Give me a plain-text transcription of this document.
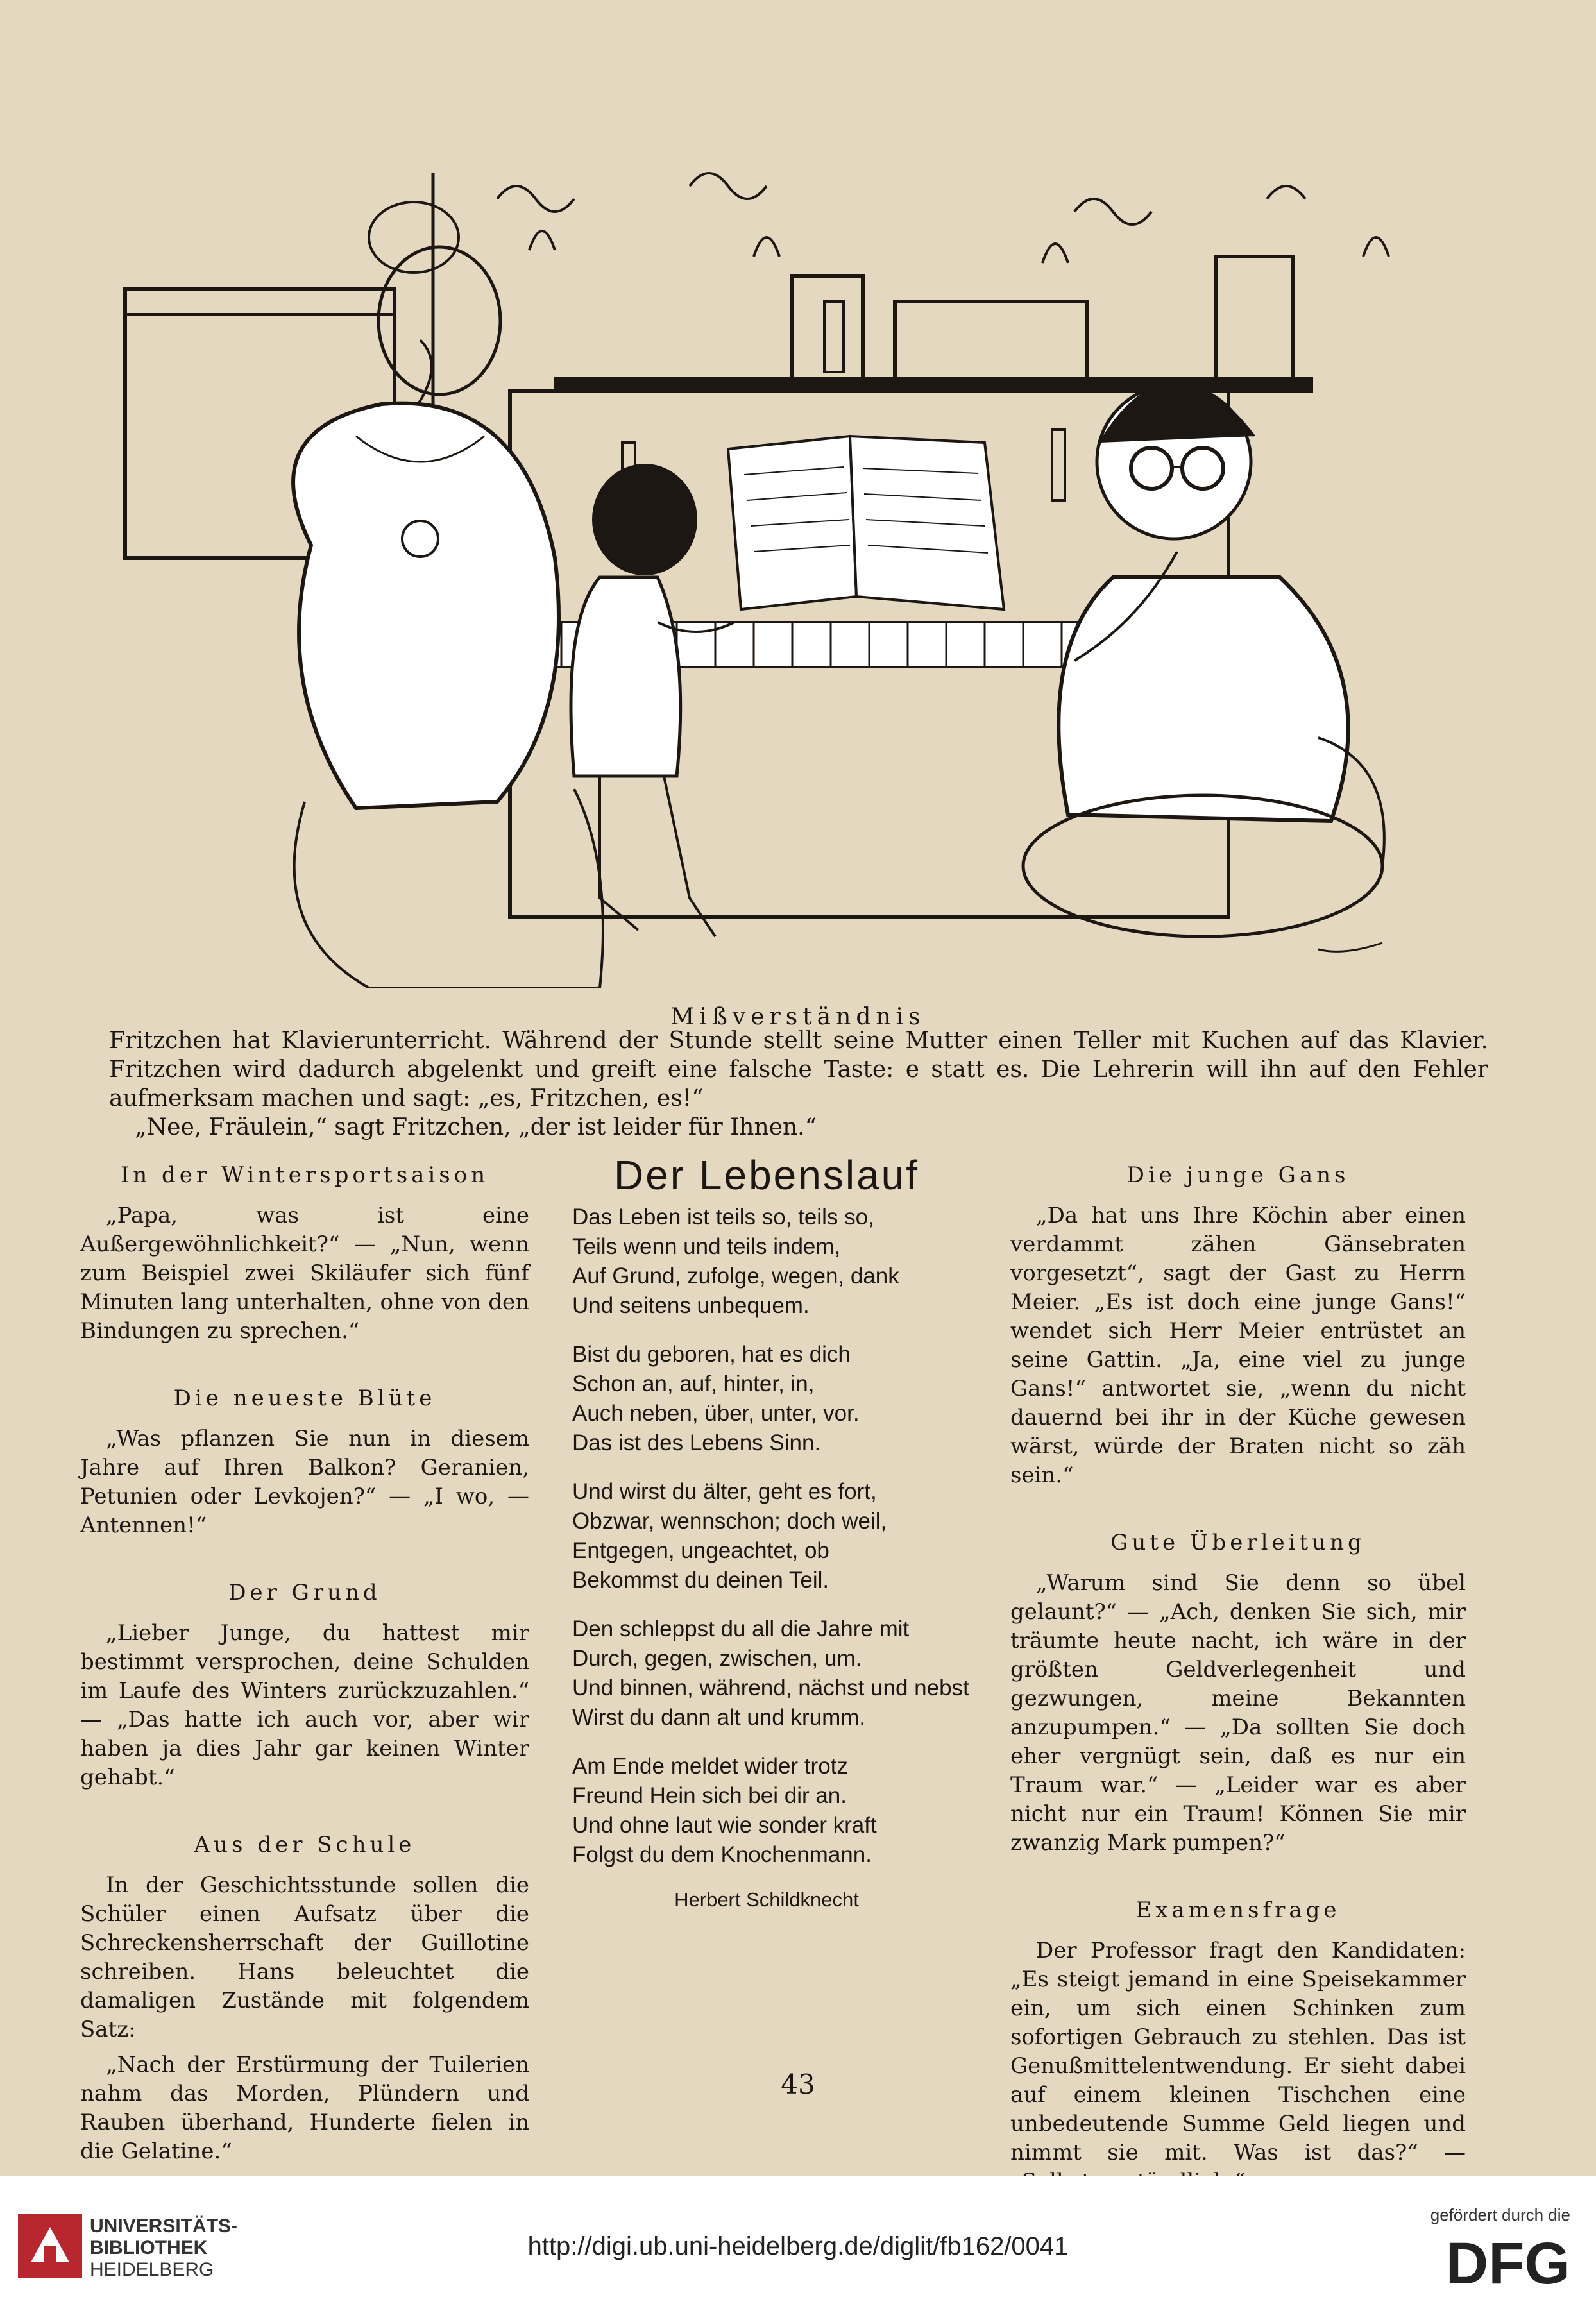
Mißverständnis

Fritzchen hat Klavierunterricht. Während der Stunde stellt seine Mutter einen Teller mit Kuchen auf das Klavier. Fritzchen wird dadurch abgelenkt und greift eine falsche Taste: e statt es. Die Lehrerin will ihn auf den Fehler aufmerksam machen und sagt: „es, Fritzchen, es!“

„Nee, Fräulein,“ sagt Fritzchen, „der ist leider für Ihnen.“

In der Wintersportsaison
„Papa, was ist eine Außergewöhnlichkeit?“ — „Nun, wenn zum Beispiel zwei Skiläufer sich fünf Minuten lang unterhalten, ohne von den Bindungen zu sprechen.“
Die neueste Blüte
„Was pflanzen Sie nun in diesem Jahre auf Ihren Balkon? Geranien, Petunien oder Levkojen?“ — „I wo, — Antennen!“
Der Grund
„Lieber Junge, du hattest mir bestimmt versprochen, deine Schulden im Laufe des Winters zurückzuzahlen.“ — „Das hatte ich auch vor, aber wir haben ja dies Jahr gar keinen Winter gehabt.“
Aus der Schule
In der Geschichtsstunde sollen die Schüler einen Aufsatz über die Schreckensherrschaft der Guillotine schreiben. Hans beleuchtet die damaligen Zustände mit folgendem Satz:
„Nach der Erstürmung der Tuilerien nahm das Morden, Plündern und Rauben überhand, Hunderte fielen in die Gelatine.“
Der Lebenslauf
Das Leben ist teils so, teils so,
Teils wenn und teils indem,
Auf Grund, zufolge, wegen, dank
Und seitens unbequem.
Bist du geboren, hat es dich
Schon an, auf, hinter, in,
Auch neben, über, unter, vor.
Das ist des Lebens Sinn.
Und wirst du älter, geht es fort,
Obzwar, wennschon; doch weil,
Entgegen, ungeachtet, ob
Bekommst du deinen Teil.
Den schleppst du all die Jahre mit
Durch, gegen, zwischen, um.
Und binnen, während, nächst und nebst
Wirst du dann alt und krumm.
Am Ende meldet wider trotz
Freund Hein sich bei dir an.
Und ohne laut wie sonder kraft
Folgst du dem Knochenmann.
Herbert Schildknecht
Die junge Gans
„Da hat uns Ihre Köchin aber einen verdammt zähen Gänsebraten vorgesetzt“, sagt der Gast zu Herrn Meier. „Es ist doch eine junge Gans!“ wendet sich Herr Meier entrüstet an seine Gattin. „Ja, eine viel zu junge Gans!“ antwortet sie, „wenn du nicht dauernd bei ihr in der Küche gewesen wärst, würde der Braten nicht so zäh sein.“
Gute Überleitung
„Warum sind Sie denn so übel gelaunt?“ — „Ach, denken Sie sich, mir träumte heute nacht, ich wäre in der größten Geldverlegenheit und gezwungen, meine Bekannten anzupumpen.“ — „Da sollten Sie doch eher vergnügt sein, daß es nur ein Traum war.“ — „Leider war es aber nicht nur ein Traum! Können Sie mir zwanzig Mark pumpen?“
Examensfrage
Der Professor fragt den Kandidaten: „Es steigt jemand in eine Speisekammer ein, um sich einen Schinken zum sofortigen Gebrauch zu stehlen. Das ist Genußmittelentwendung. Er sieht dabei auf einem kleinen Tischchen eine unbedeutende Summe Geld liegen und nimmt sie mit. Was ist das?“ —
43
UNIVERSITÄTS-
BIBLIOTHEK
HEIDELBERG
http://digi.ub.uni-heidelberg.de/diglit/fb162/0041
gefördert durch die
DFG
